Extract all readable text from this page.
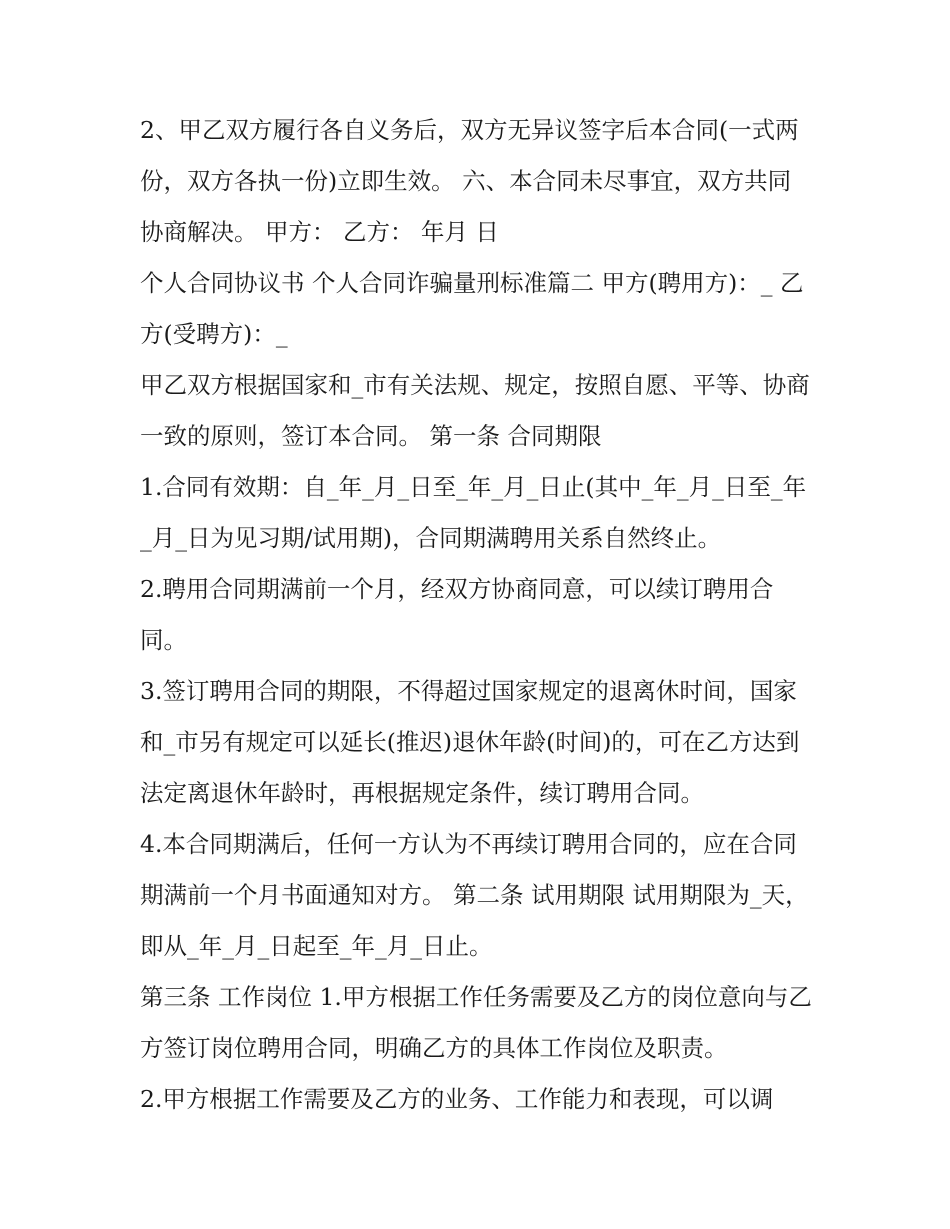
2、甲乙双方履行各自义务后，双方无异议签字后本合同(一式两份，双方各执一份)立即生效。 六、本合同未尽事宜，双方共同协商解决。 甲方： 乙方： 年月 日

个人合同协议书 个人合同诈骗量刑标准篇二 甲方(聘用方)：_ 乙方(受聘方)：_

甲乙双方根据国家和_市有关法规、规定，按照自愿、平等、协商一致的原则，签订本合同。 第一条 合同期限

1.合同有效期：自_年_月_日至_年_月_日止(其中_年_月_日至_年_月_日为见习期/试用期)，合同期满聘用关系自然终止。

2.聘用合同期满前一个月，经双方协商同意，可以续订聘用合同。

3.签订聘用合同的期限，不得超过国家规定的退离休时间，国家和_市另有规定可以延长(推迟)退休年龄(时间)的，可在乙方达到法定离退休年龄时，再根据规定条件，续订聘用合同。

4.本合同期满后，任何一方认为不再续订聘用合同的，应在合同期满前一个月书面通知对方。 第二条 试用期限 试用期限为_天，即从_年_月_日起至_年_月_日止。

第三条 工作岗位 1.甲方根据工作任务需要及乙方的岗位意向与乙方签订岗位聘用合同，明确乙方的具体工作岗位及职责。

2.甲方根据工作需要及乙方的业务、工作能力和表现，可以调
